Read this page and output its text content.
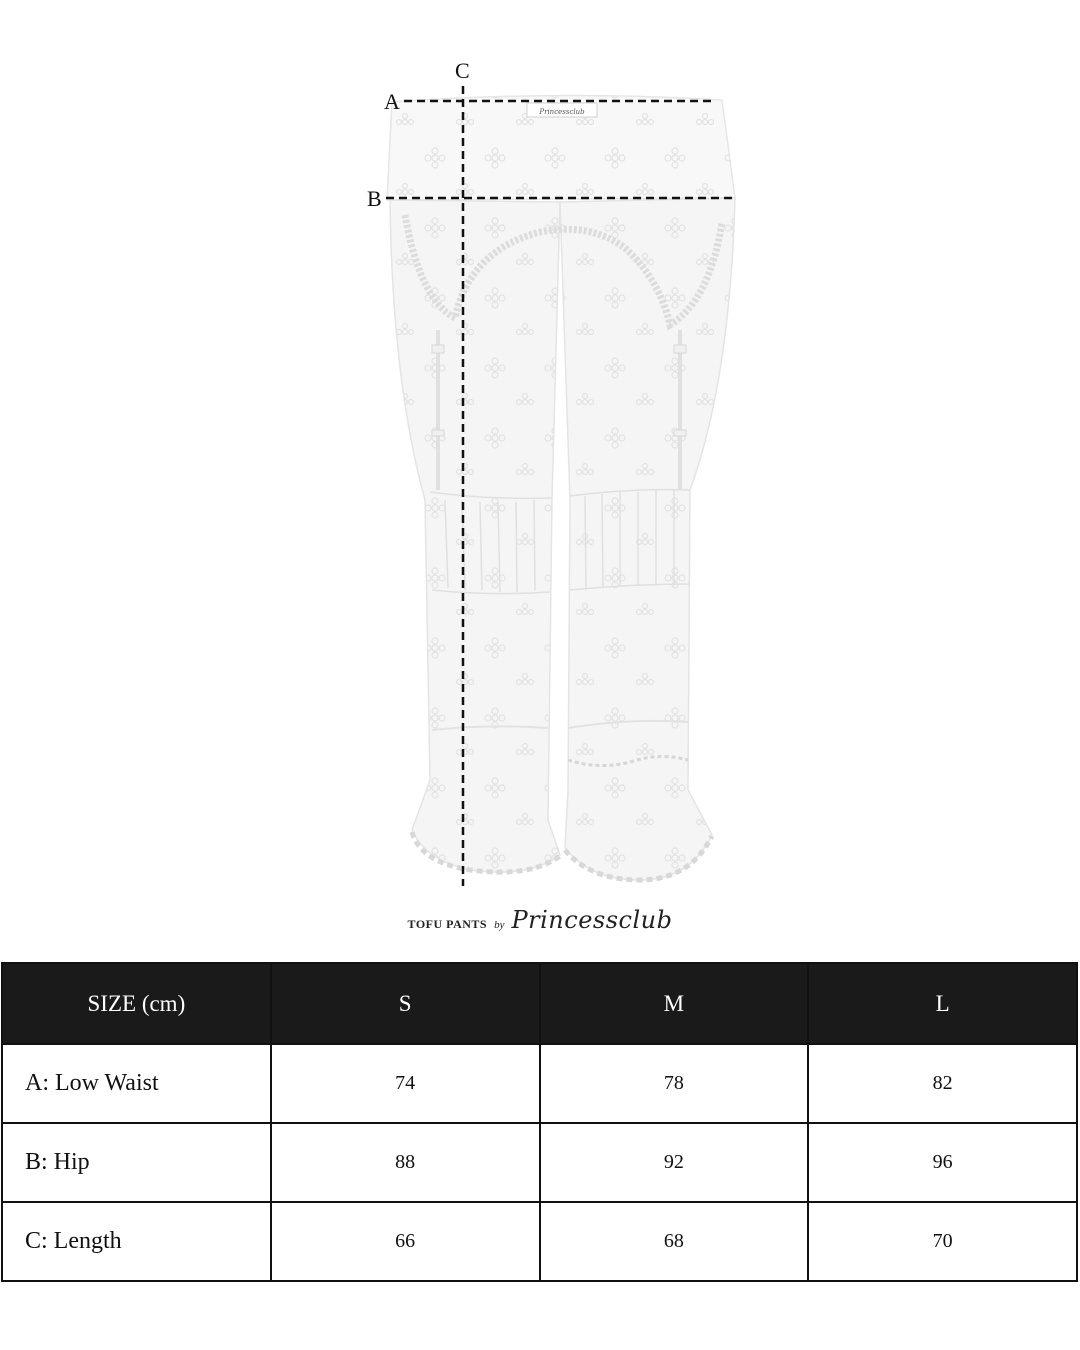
Princessclub
A
B
C
TOFU PANTS by Princessclub
SIZE (cm)	S	M	L
A: Low Waist	74	78	82
B: Hip	88	92	96
C: Length	66	68	70
